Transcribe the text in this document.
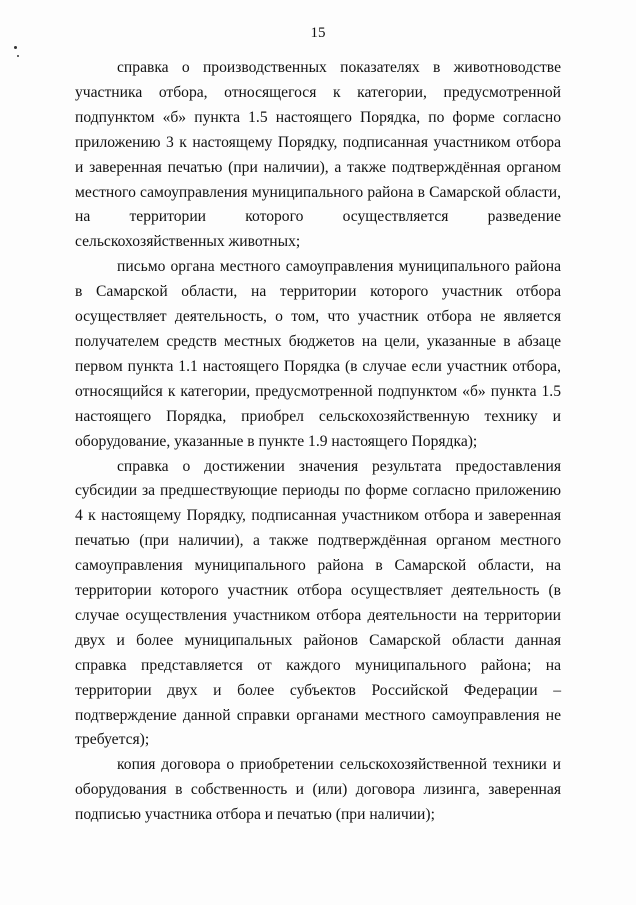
15

справка о производственных показателях в животноводстве участника отбора, относящегося к категории, предусмотренной подпунктом «б» пункта 1.5 настоящего Порядка, по форме согласно приложению 3 к настоящему Порядку, подписанная участником отбора и заверенная печатью (при наличии), а также подтверждённая органом местного самоуправления муниципального района в Самарской области, на территории которого осуществляется разведение сельскохозяйственных животных;

письмо органа местного самоуправления муниципального района в Самарской области, на территории которого участник отбора осуществляет деятельность, о том, что участник отбора не является получателем средств местных бюджетов на цели, указанные в абзаце первом пункта 1.1 настоящего Порядка (в случае если участник отбора, относящийся к категории, предусмотренной подпунктом «б» пункта 1.5 настоящего Порядка, приобрел сельскохозяйственную технику и оборудование, указанные в пункте 1.9 настоящего Порядка);

справка о достижении значения результата предоставления субсидии за предшествующие периоды по форме согласно приложению 4 к настоящему Порядку, подписанная участником отбора и заверенная печатью (при наличии), а также подтверждённая органом местного самоуправления муниципального района в Самарской области, на территории которого участник отбора осуществляет деятельность (в случае осуществления участником отбора деятельности на территории двух и более муниципальных районов Самарской области данная справка представляется от каждого муниципального района; на территории двух и более субъектов Российской Федерации – подтверждение данной справки органами местного самоуправления не требуется);

копия договора о приобретении сельскохозяйственной техники и оборудования в собственность и (или) договора лизинга, заверенная подписью участника отбора и печатью (при наличии);
